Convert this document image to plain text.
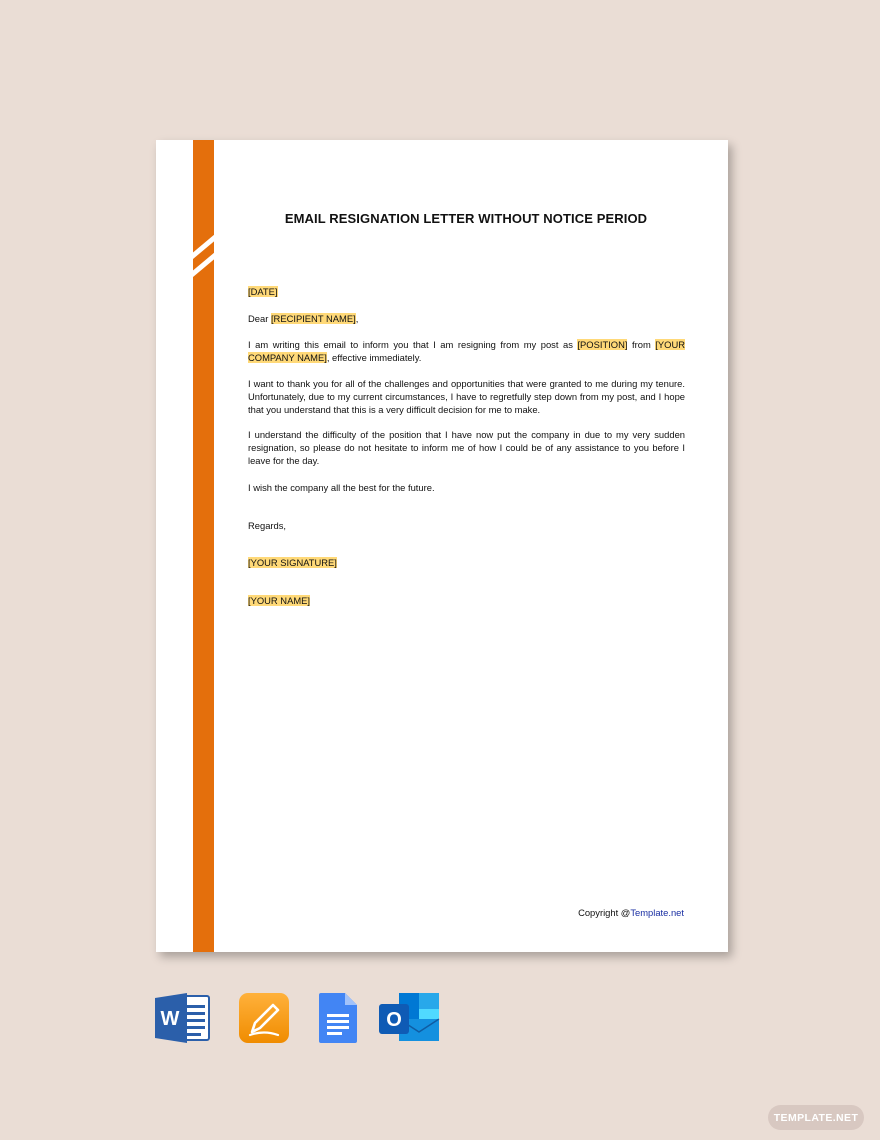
EMAIL RESIGNATION LETTER WITHOUT NOTICE PERIOD

[DATE]

Dear [RECIPIENT NAME],

I am writing this email to inform you that I am resigning from my post as [POSITION] from [YOUR COMPANY NAME], effective immediately.

I want to thank you for all of the challenges and opportunities that were granted to me during my tenure. Unfortunately, due to my current circumstances, I have to regretfully step down from my post, and I hope that you understand that this is a very difficult decision for me to make.

I understand the difficulty of the position that I have now put the company in due to my very sudden resignation, so please do not hesitate to inform me of how I could be of any assistance to you before I leave for the day.

I wish the company all the best for the future.

Regards,

[YOUR SIGNATURE]

[YOUR NAME]

Copyright @Template.net
W	O
TEMPLATE.NET
